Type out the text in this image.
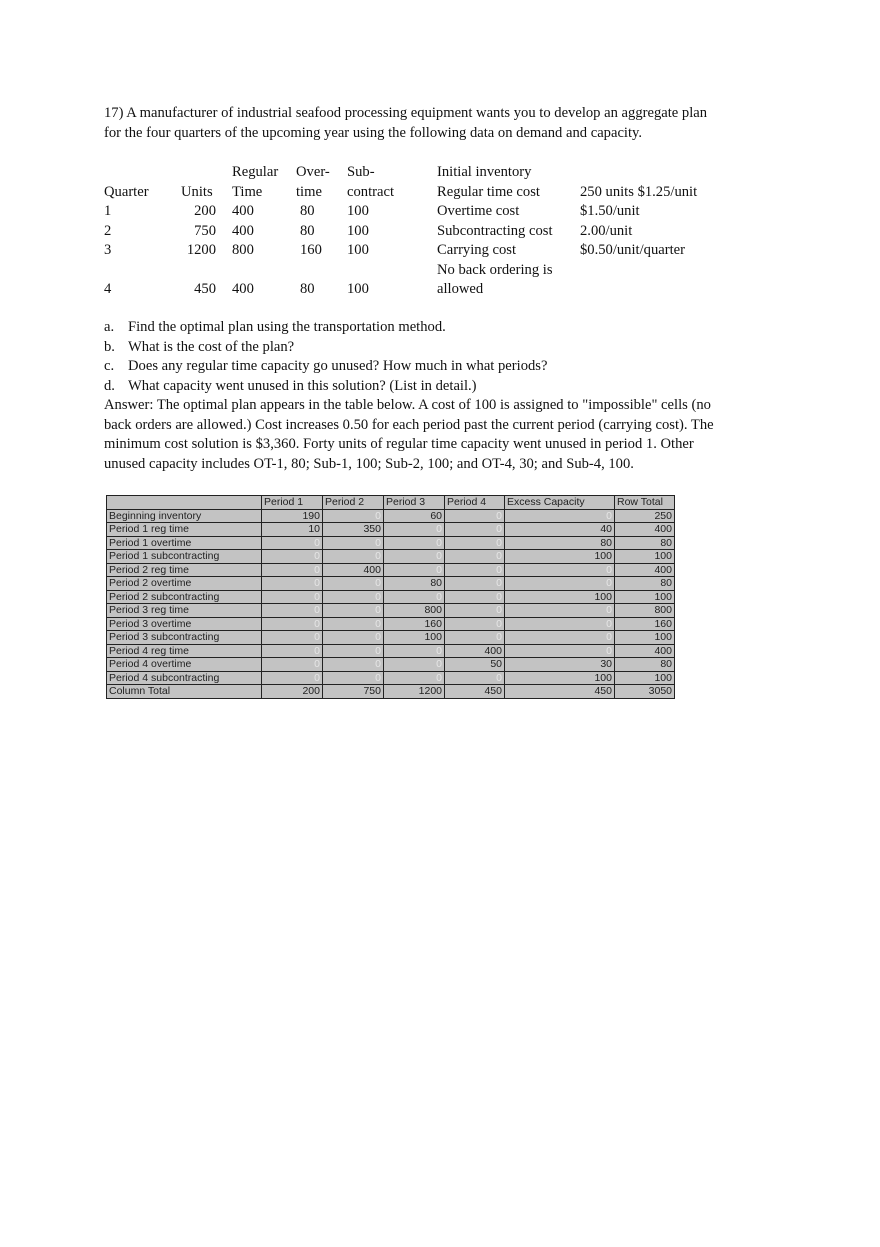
17) A manufacturer of industrial seafood processing equipment wants you to develop an aggregate plan
for the four quarters of the upcoming year using the following data on demand and capacity.
Regular Over- Sub-
Quarter Units Time time contract
1	200 400	80 100
2	750 400	80 100
3	1200 800	160 100
4	450 400	80 100
Initial inventory
Regular time cost	250 units $1.25/unit
Overtime cost	$1.50/unit
Subcontracting cost 2.00/unit
Carrying cost	$0.50/unit/quarter
No back ordering is
allowed
a. Find the optimal plan using the transportation method.
b. What is the cost of the plan?
c. Does any regular time capacity go unused? How much in what periods?
d. What capacity went unused in this solution? (List in detail.)
Answer: The optimal plan appears in the table below. A cost of 100 is assigned to "impossible" cells (no
back orders are allowed.) Cost increases 0.50 for each period past the current period (carrying cost). The
minimum cost solution is $3,360. Forty units of regular time capacity went unused in period 1. Other
unused capacity includes OT-1, 80; Sub-1, 100; Sub-2, 100; and OT-4, 30; and Sub-4, 100.
	Period 1	Period 2	Period 3	Period 4	Excess Capacity	Row Total
Beginning inventory	190	0	60	0	0	250
Period 1 reg time	10	350	0	0	40	400
Period 1 overtime	0	0	0	0	80	80
Period 1 subcontracting	0	0	0	0	100	100
Period 2 reg time	0	400	0	0	0	400
Period 2 overtime	0	0	80	0	0	80
Period 2 subcontracting	0	0	0	0	100	100
Period 3 reg time	0	0	800	0	0	800
Period 3 overtime	0	0	160	0	0	160
Period 3 subcontracting	0	0	100	0	0	100
Period 4 reg time	0	0	0	400	0	400
Period 4 overtime	0	0	0	50	30	80
Period 4 subcontracting	0	0	0	0	100	100
Column Total	200	750	1200	450	450	3050
